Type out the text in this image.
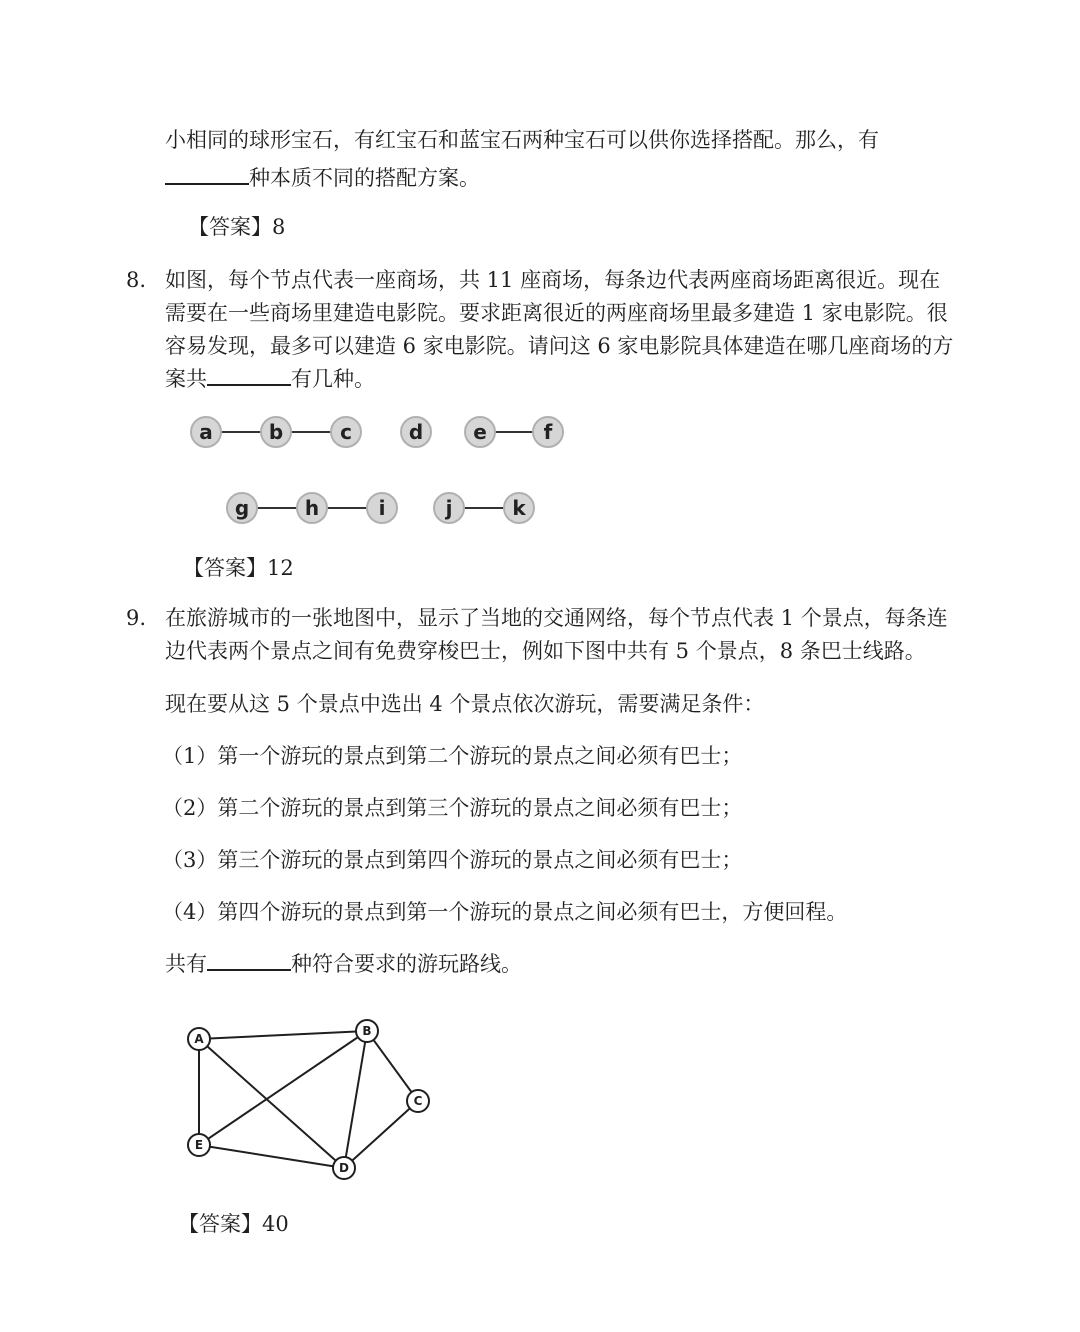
小相同的球形宝石，有红宝石和蓝宝石两种宝石可以供你选择搭配。那么，有
种本质不同的搭配方案。
【答案】8
8. 如图，每个节点代表一座商场，共 11 座商场，每条边代表两座商场距离很近。现在
需要在一些商场里建造电影院。要求距离很近的两座商场里最多建造 1 家电影院。很
容易发现，最多可以建造 6 家电影院。请问这 6 家电影院具体建造在哪几座商场的方
案共	有几种。
a	b	c	d	e	f
g	h	i	j	k
【答案】12
9. 在旅游城市的一张地图中，显示了当地的交通网络，每个节点代表 1 个景点，每条连
边代表两个景点之间有免费穿梭巴士，例如下图中共有 5 个景点，8 条巴士线路。
现在要从这 5 个景点中选出 4 个景点依次游玩，需要满足条件：
（1）第一个游玩的景点到第二个游玩的景点之间必须有巴士；
（2）第二个游玩的景点到第三个游玩的景点之间必须有巴士；
（3）第三个游玩的景点到第四个游玩的景点之间必须有巴士；
（4）第四个游玩的景点到第一个游玩的景点之间必须有巴士，方便回程。
共有	种符合要求的游玩路线。
A
B
C
D
E
【答案】40
